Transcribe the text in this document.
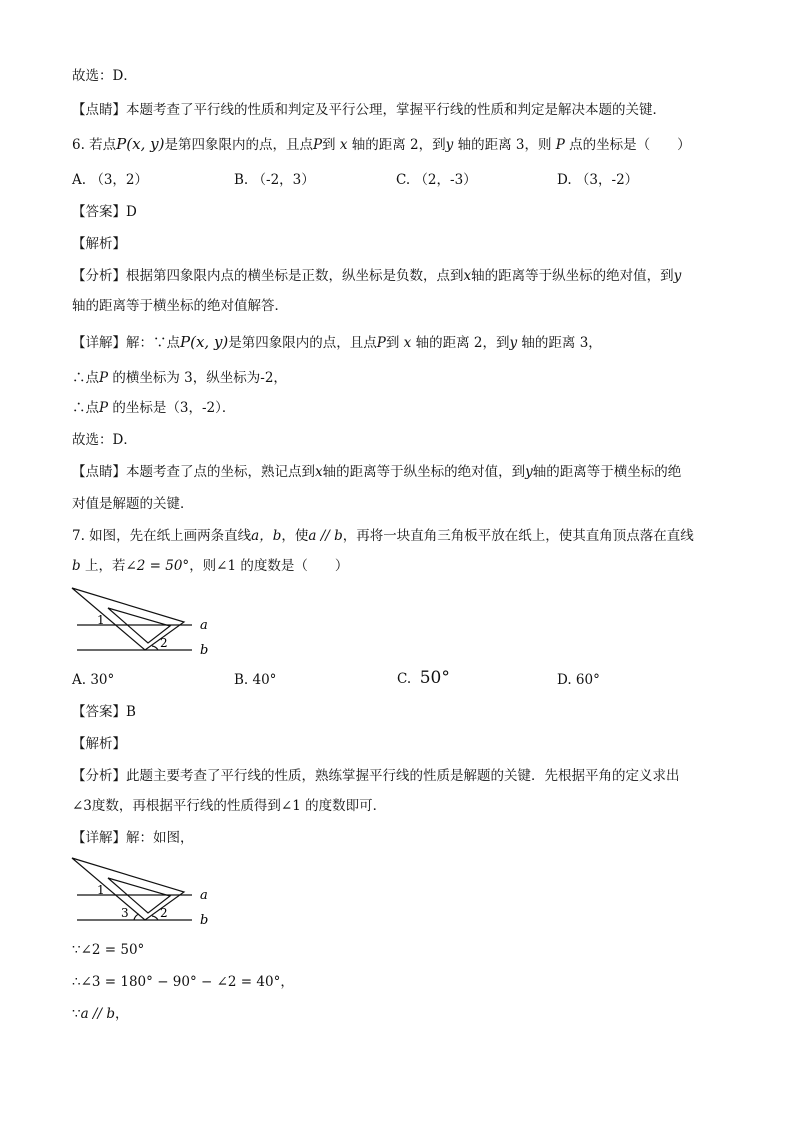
故选：D．
【点睛】本题考查了平行线的性质和判定及平行公理，掌握平行线的性质和判定是解决本题的关键．
6. 若点P(x, y)是第四象限内的点，且点P到 x 轴的距离 2，到y 轴的距离 3，则 P 点的坐标是（　　）
A. （3，2）	B. （-2，3）	C. （2，-3）	D. （3，-2）
【答案】D
【解析】
【分析】根据第四象限内点的横坐标是正数，纵坐标是负数，点到x轴的距离等于纵坐标的绝对值，到y
轴的距离等于横坐标的绝对值解答．
【详解】解：∵点P(x, y)是第四象限内的点，且点P到 x 轴的距离 2，到y 轴的距离 3，
∴点P 的横坐标为 3，纵坐标为-2，
∴点P 的坐标是（3，-2）．
故选：D．
【点睛】本题考查了点的坐标，熟记点到x轴的距离等于纵坐标的绝对值，到y轴的距离等于横坐标的绝
对值是解题的关键．
7. 如图，先在纸上画两条直线a，b，使a // b，再将一块直角三角板平放在纸上，使其直角顶点落在直线
b 上，若∠2 = 50°，则∠1 的度数是（　　）
1
2
a
b
A. 30°	B. 40°	C. 50°	D. 60°
【答案】B
【解析】
【分析】此题主要考查了平行线的性质，熟练掌握平行线的性质是解题的关键．先根据平角的定义求出
∠3度数，再根据平行线的性质得到∠1 的度数即可．
【详解】解：如图，
1
2
3
a
b
∵∠2 = 50°
∴∠3 = 180° − 90° − ∠2 = 40°，
∵a // b，
